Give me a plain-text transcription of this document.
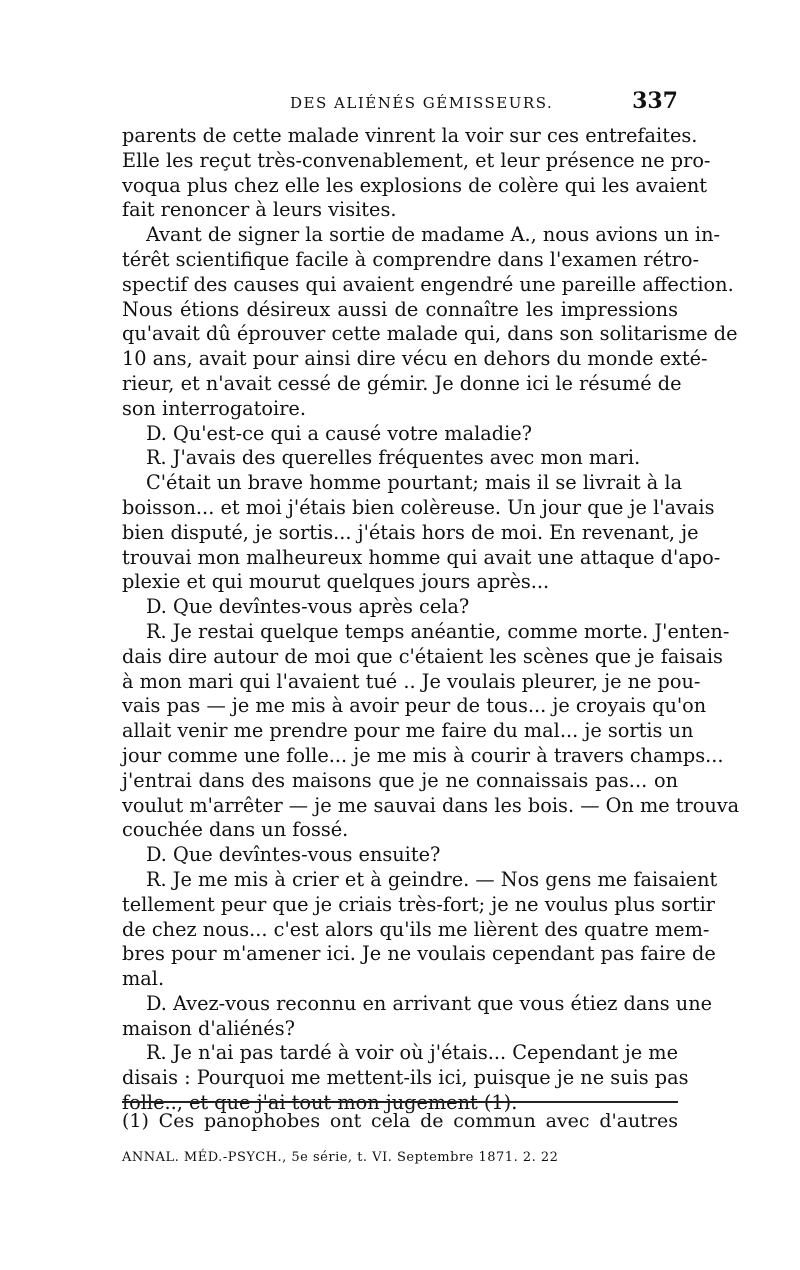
DES ALIÉNÉS GÉMISSEURS.	337
parents de cette malade vinrent la voir sur ces entrefaites.
Elle les reçut très-convenablement, et leur présence ne pro-
voqua plus chez elle les explosions de colère qui les avaient
fait renoncer à leurs visites.
Avant de signer la sortie de madame A., nous avions un in-
térêt scientifique facile à comprendre dans l'examen rétro-
spectif des causes qui avaient engendré une pareille affection.
Nous étions désireux aussi de connaître les impressions
qu'avait dû éprouver cette malade qui, dans son solitarisme de
10 ans, avait pour ainsi dire vécu en dehors du monde exté-
rieur, et n'avait cessé de gémir. Je donne ici le résumé de
son interrogatoire.
D. Qu'est-ce qui a causé votre maladie?
R. J'avais des querelles fréquentes avec mon mari.
C'était un brave homme pourtant; mais il se livrait à la
boisson... et moi j'étais bien colèreuse. Un jour que je l'avais
bien disputé, je sortis... j'étais hors de moi. En revenant, je
trouvai mon malheureux homme qui avait une attaque d'apo-
plexie et qui mourut quelques jours après...
D. Que devîntes-vous après cela?
R. Je restai quelque temps anéantie, comme morte. J'enten-
dais dire autour de moi que c'étaient les scènes que je faisais
à mon mari qui l'avaient tué .. Je voulais pleurer, je ne pou-
vais pas — je me mis à avoir peur de tous... je croyais qu'on
allait venir me prendre pour me faire du mal... je sortis un
jour comme une folle... je me mis à courir à travers champs...
j'entrai dans des maisons que je ne connaissais pas... on
voulut m'arrêter — je me sauvai dans les bois. — On me trouva
couchée dans un fossé.
D. Que devîntes-vous ensuite?
R. Je me mis à crier et à geindre. — Nos gens me faisaient
tellement peur que je criais très-fort; je ne voulus plus sortir
de chez nous... c'est alors qu'ils me lièrent des quatre mem-
bres pour m'amener ici. Je ne voulais cependant pas faire de
mal.
D. Avez-vous reconnu en arrivant que vous étiez dans une
maison d'aliénés?
R. Je n'ai pas tardé à voir où j'étais... Cependant je me
disais : Pourquoi me mettent-ils ici, puisque je ne suis pas
folle.., et que j'ai tout mon jugement (1).
(1) Ces panophobes ont cela de commun avec d'autres
ANNAL. MÉD.-PSYCH., 5e série, t. VI. Septembre 1871. 2. 22
